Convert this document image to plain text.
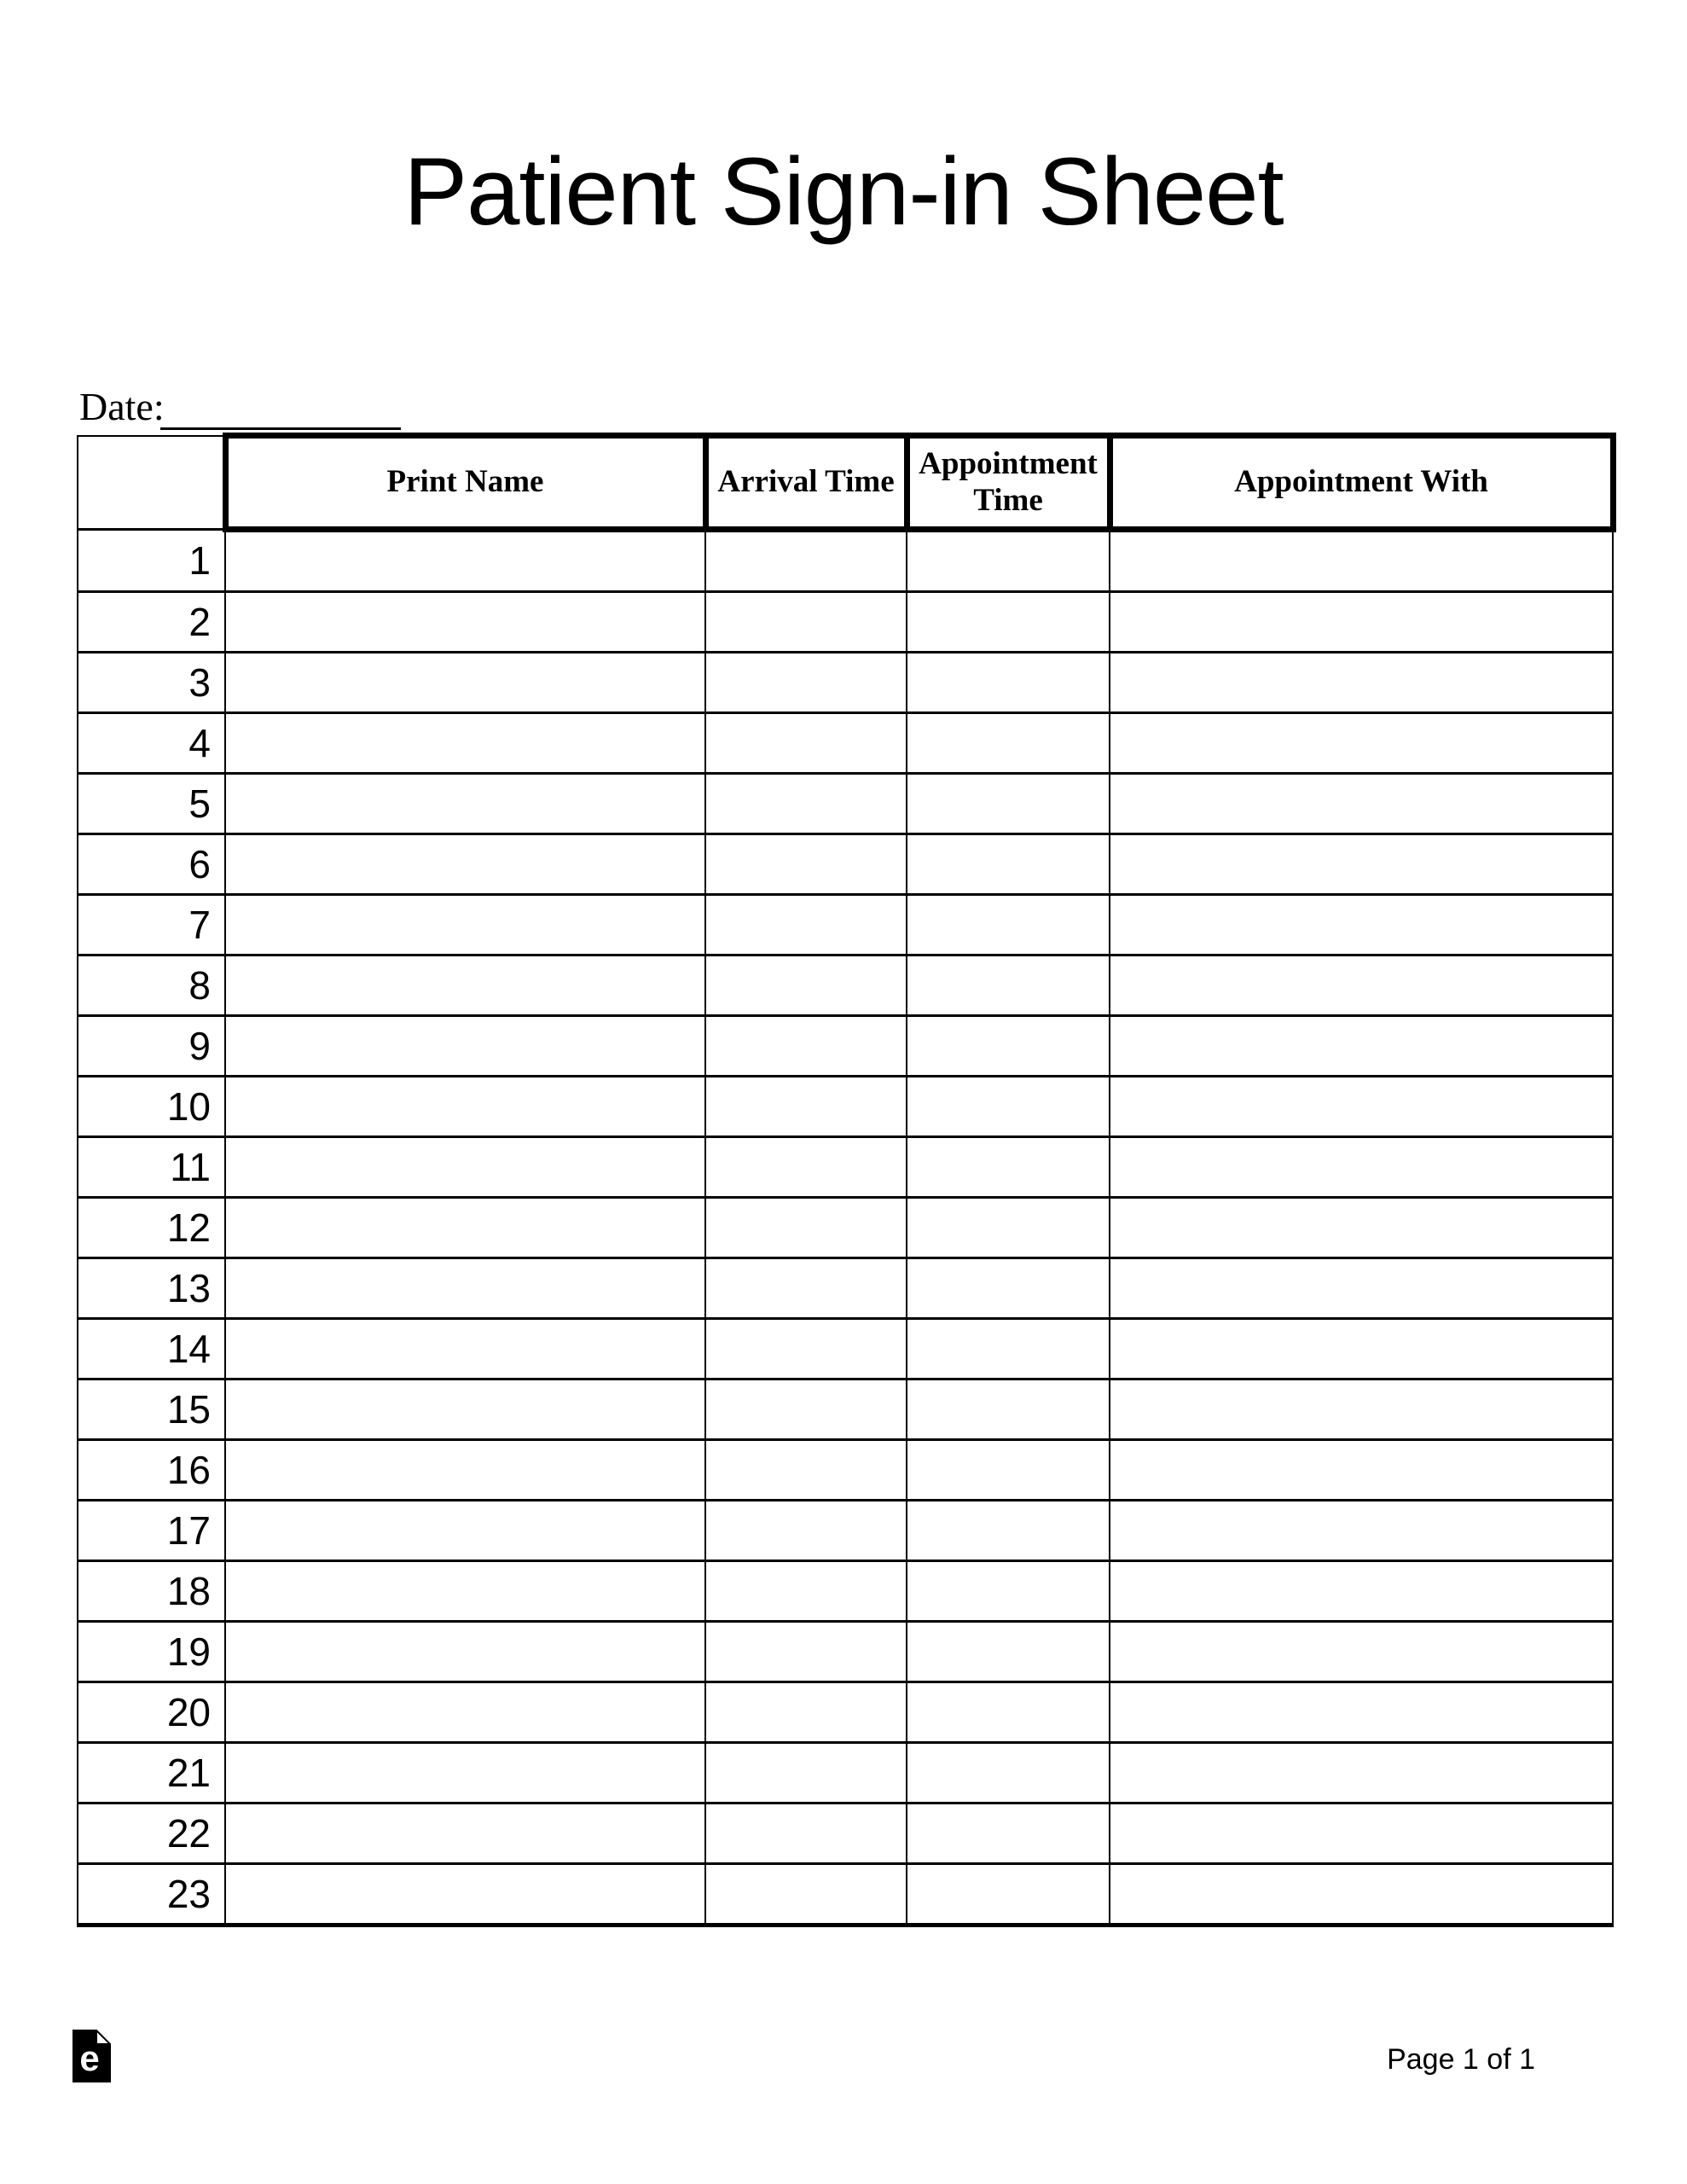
Patient Sign-in Sheet
Date:
	Print Name	Arrival Time	Appointment Time	Appointment With
1				
2				
3				
4				
5				
6				
7				
8				
9				
10				
11				
12				
13				
14				
15				
16				
17				
18				
19				
20				
21				
22				
23				
e	Page 1 of 1
